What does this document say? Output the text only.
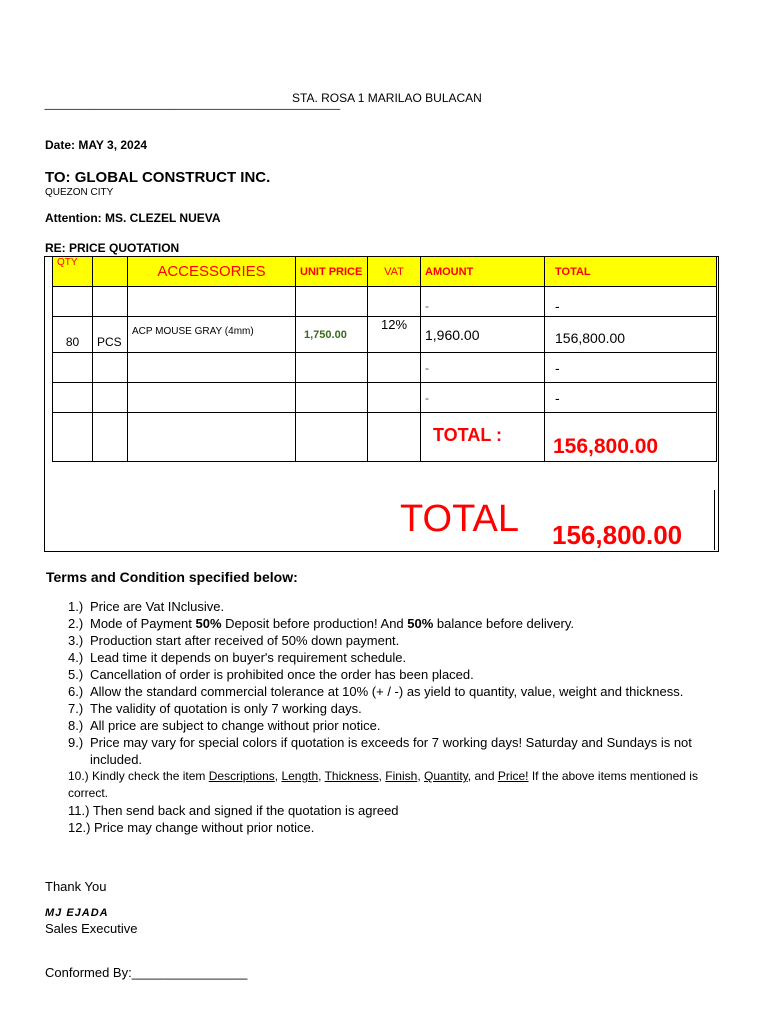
STA. ROSA 1 MARILAO BULACAN
----------------------------------------------------------------------------------------------------------------------------------------------------
Date: MAY 3, 2024
TO: GLOBAL CONSTRUCT INC.
QUEZON CITY
Attention: MS. CLEZEL NUEVA
RE: PRICE QUOTATION
QTY		ACCESSORIES	UNIT PRICE	VAT	AMOUNT	TOTAL
					-	-
80	PCS	ACP MOUSE GRAY (4mm)	1,750.00	12%	1,960.00	156,800.00
					-	-
					-	-
					TOTAL :	156,800.00
TOTAL 156,800.00
Terms and Condition specified below:
1.) Price are Vat INclusive.
2.) Mode of Payment 50% Deposit before production! And 50% balance before delivery.
3.) Production start after received of 50% down payment.
4.) Lead time it depends on buyer's requirement schedule.
5.) Cancellation of order is prohibited once the order has been placed.
6.) Allow the standard commercial tolerance at 10% (+ / -) as yield to quantity, value, weight and thickness.
7.) The validity of quotation is only 7 working days.
8.) All price are subject to change without prior notice.
9.) Price may vary for special colors if quotation is exceeds for 7 working days! Saturday and Sundays is not included.
10.) Kindly check the item Descriptions, Length, Thickness, Finish, Quantity, and Price! If the above items mentioned is correct.
11.) Then send back and signed if the quotation is agreed
12.) Price may change without prior notice.
Thank You
MJ EJADA
Sales Executive
Conformed By:________________
